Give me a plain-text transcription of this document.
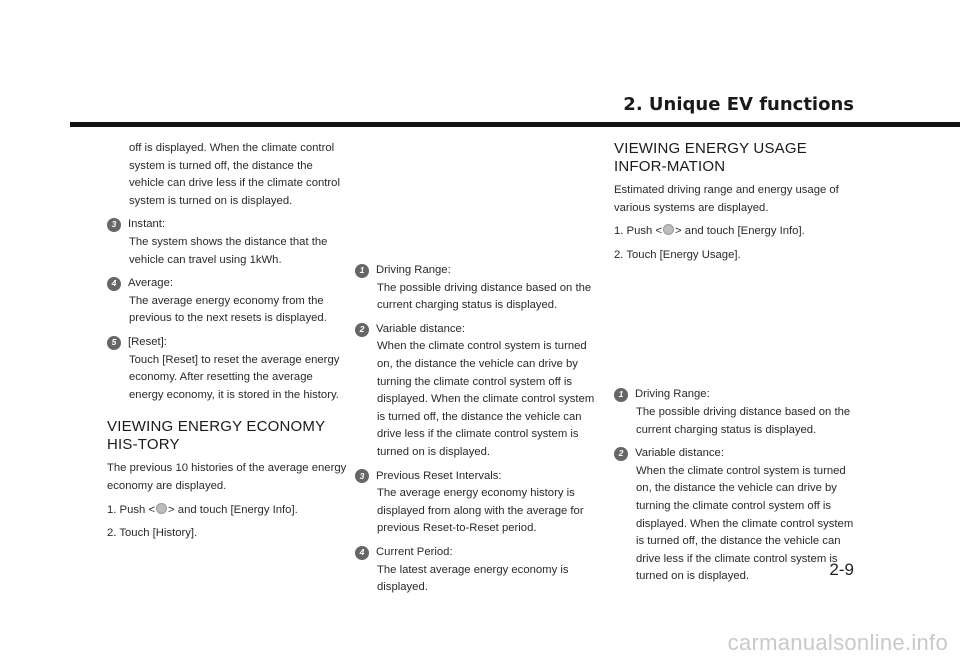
2. Unique EV functions

off is displayed. When the climate control system is turned off, the distance the vehicle can drive less if the climate control system is turned on is displayed.

3	Instant:
The system shows the distance that the vehicle can travel using 1kWh.
4	Average:
The average energy economy from the previous to the next resets is displayed.
5	[Reset]:
Touch [Reset] to reset the average energy economy. After resetting the average energy economy, it is stored in the history.
VIEWING ENERGY ECONOMY HIS-TORY

The previous 10 histories of the average energy economy are displayed.

1. Push < > and touch [Energy Info].
2. Touch [History].
1	Driving Range:
The possible driving distance based on the current charging status is displayed.
2	Variable distance:
When the climate control system is turned on, the distance the vehicle can drive by turning the climate control system off is displayed. When the climate control system is turned off, the distance the vehicle can drive less if the climate control system is turned on is displayed.
3	Previous Reset Intervals:
The average energy economy history is displayed from along with the average for previous Reset-to-Reset period.
4	Current Period:
The latest average energy economy is displayed.
VIEWING ENERGY USAGE INFOR-MATION

Estimated driving range and energy usage of various systems are displayed.

1. Push < > and touch [Energy Info].
2. Touch [Energy Usage].
1	Driving Range:
The possible driving distance based on the current charging status is displayed.
2	Variable distance:
When the climate control system is turned on, the distance the vehicle can drive by turning the climate control system off is displayed. When the climate control system is turned off, the distance the vehicle can drive less if the climate control system is turned on is displayed.	2-9
carmanualsonline.info
